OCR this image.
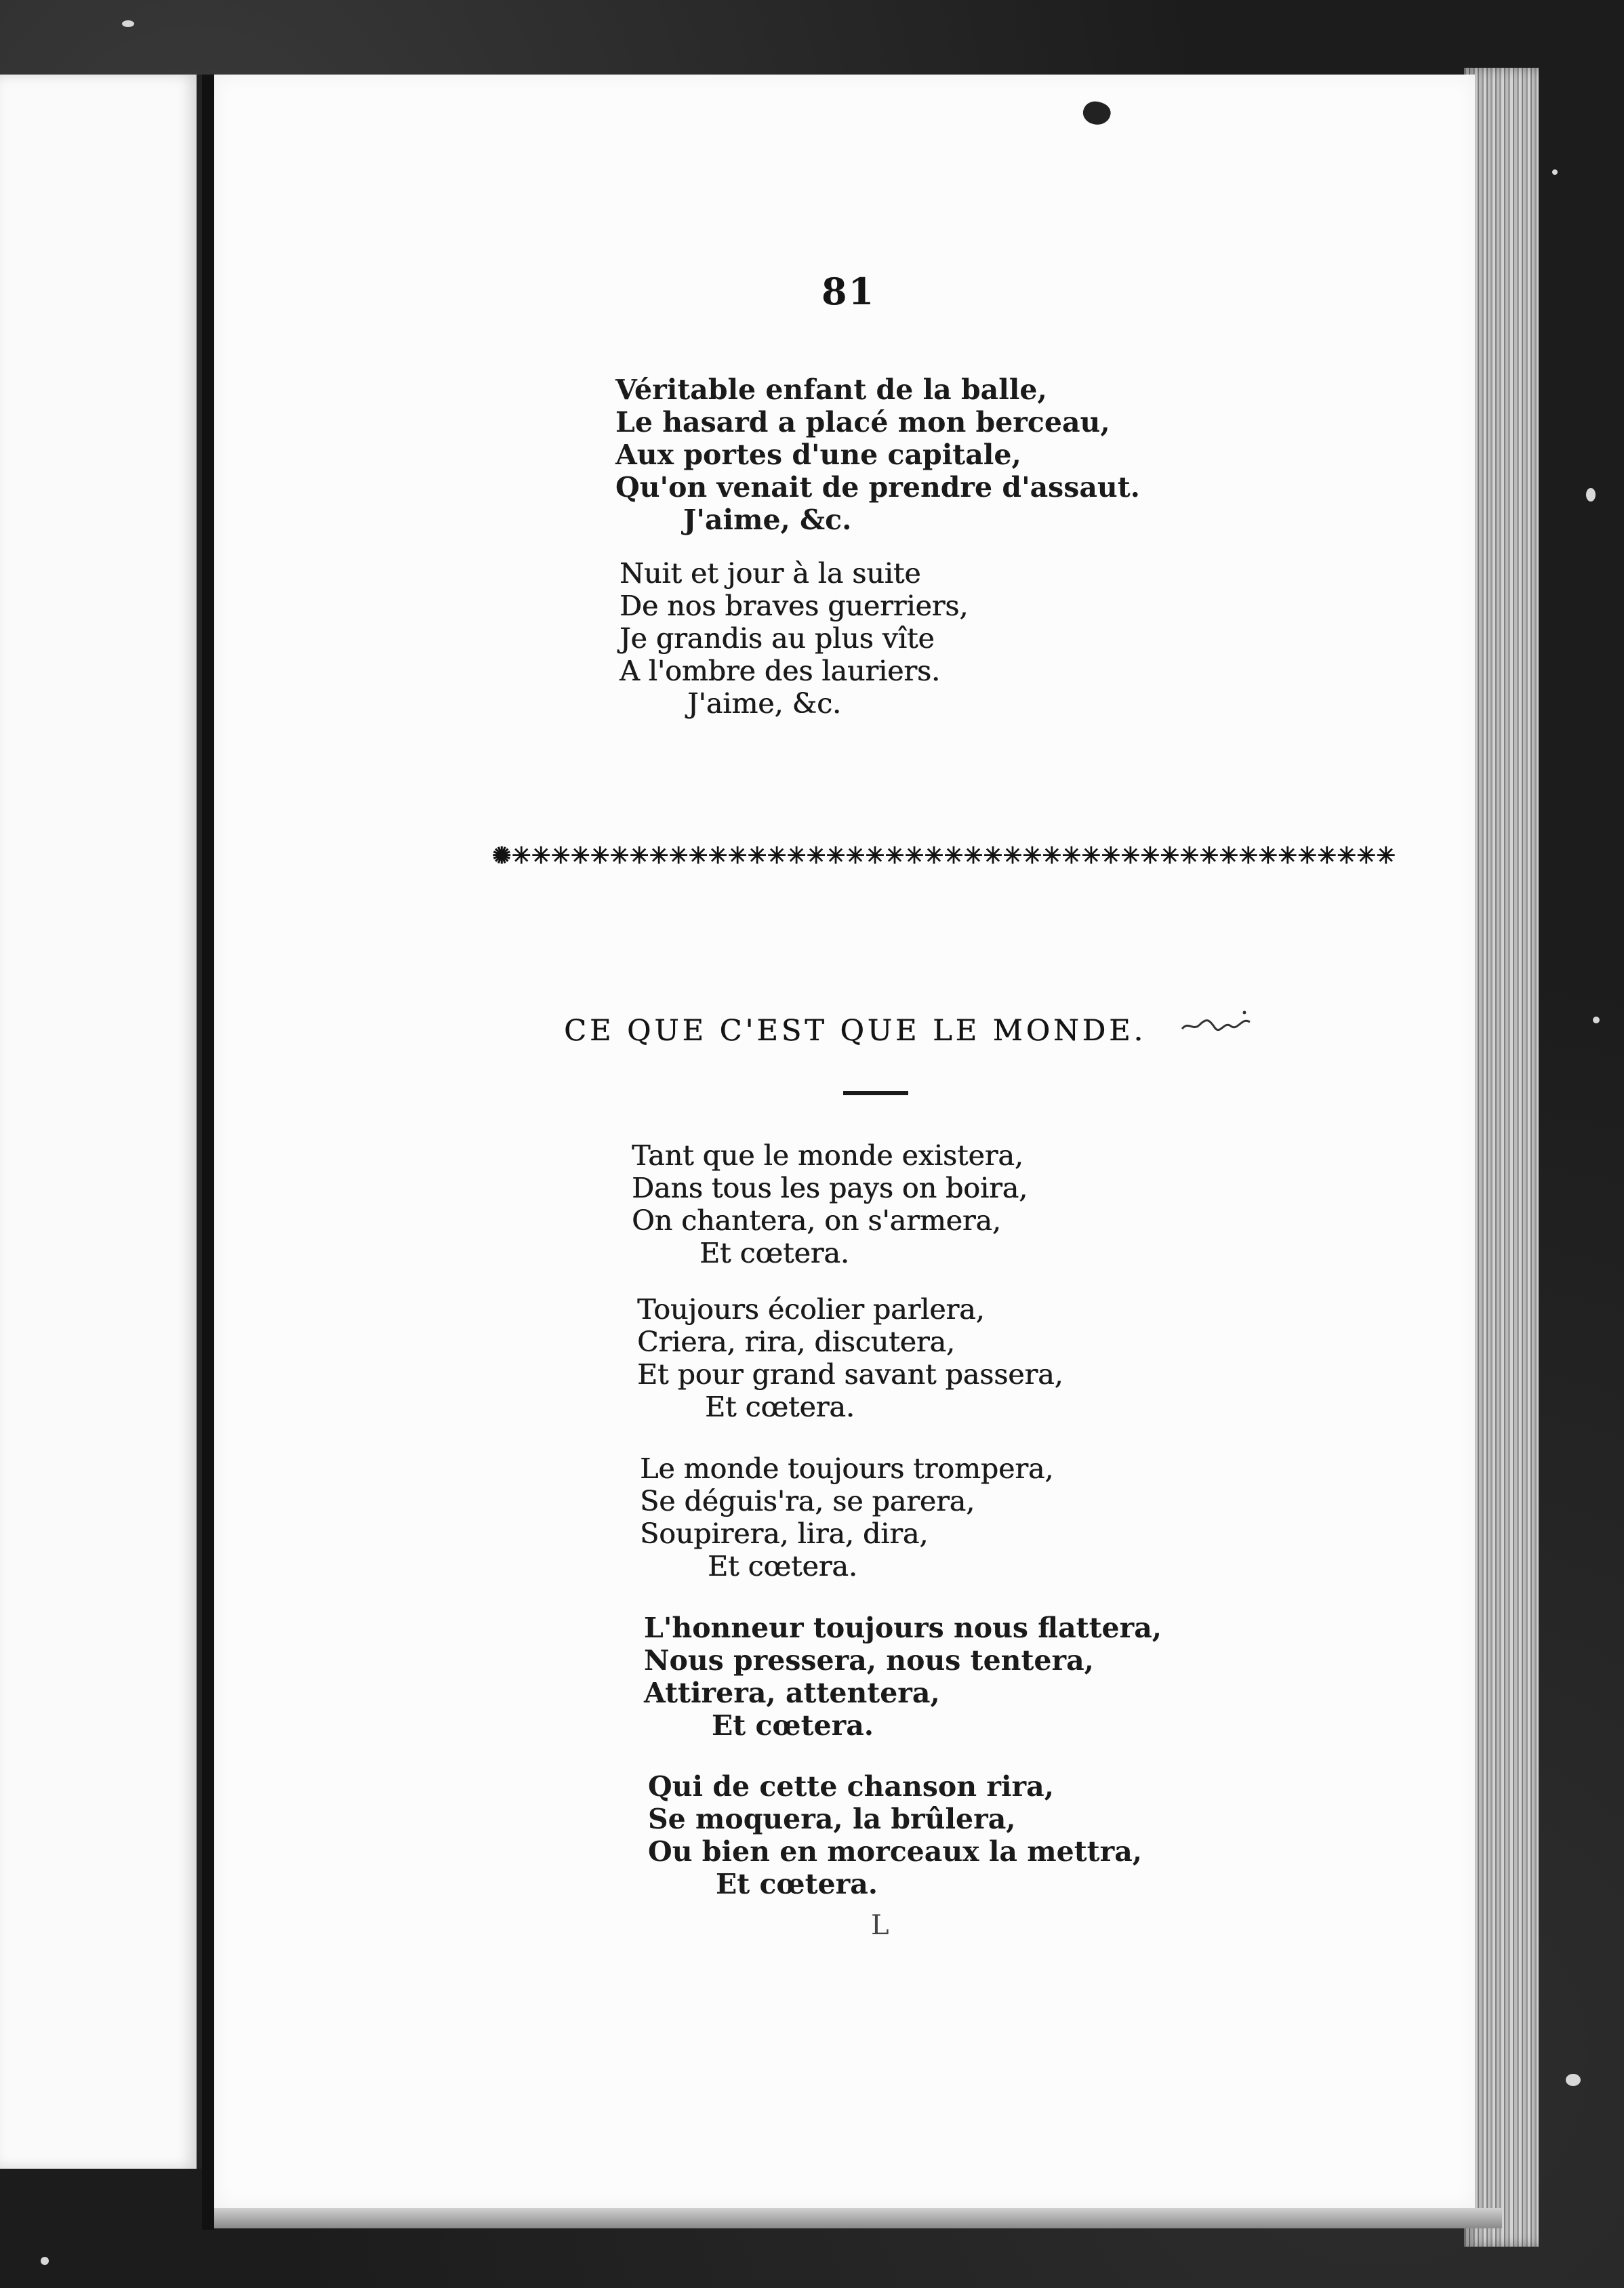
81
Véritable enfant de la balle,
Le hasard a placé mon berceau,
Aux portes d'une capitale,
Qu'on venait de prendre d'assaut.
J'aime, &c.
Nuit et jour à la suite
De nos braves guerriers,
Je grandis au plus vîte
A l'ombre des lauriers.
J'aime, &c.
✺✳✳✳✳✳✳✳✳✳✳✳✳✳✳✳✳✳✳✳✳✳✳✳✳✳✳✳✳✳✳✳✳✳✳✳✳✳✳✳✳✳✳✳✳✳
CE QUE C'EST QUE LE MONDE.
Tant que le monde existera,
Dans tous les pays on boira,
On chantera, on s'armera,
Et cœtera.
Toujours écolier parlera,
Criera, rira, discutera,
Et pour grand savant passera,
Et cœtera.
Le monde toujours trompera,
Se déguis'ra, se parera,
Soupirera, lira, dira,
Et cœtera.
L'honneur toujours nous flattera,
Nous pressera, nous tentera,
Attirera, attentera,
Et cœtera.
Qui de cette chanson rira,
Se moquera, la brûlera,
Ou bien en morceaux la mettra,
Et cœtera.
L
